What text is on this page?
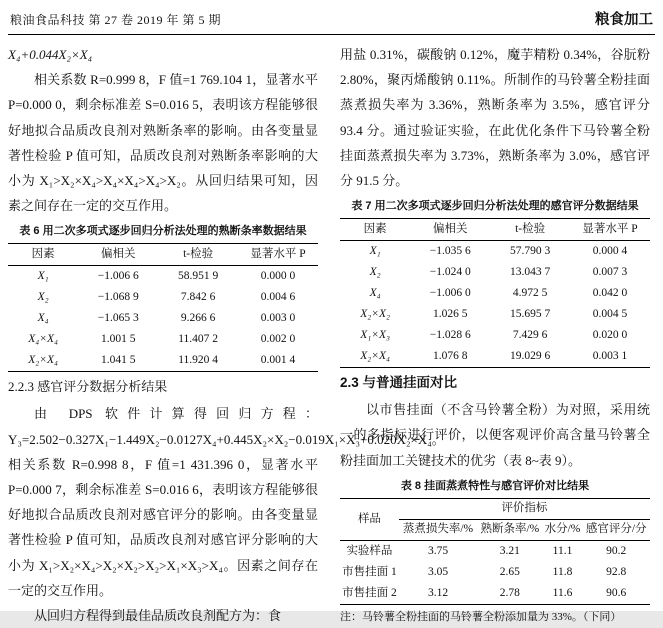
粮油食品科技 第 27 卷 2019 年 第 5 期	粮食加工

X₄+0.044X₂×X₄

相关系数 R=0.999 8，F 值=1 769.104 1，显著水平 P=0.000 0，剩余标准差 S=0.016 5，表明该方程能够很好地拟合品质改良剂对熟断条率的影响。由各变量显著性检验 P 值可知，品质改良剂对熟断条率影响的大小为 X₁>X₂×X₄>X₄×X₄>X₄>X₂。从回归结果可知，因素之间存在一定的交互作用。

表 6 用二次多项式逐步回归分析法处理的熟断条率数据结果
因素	偏相关	t-检验	显著水平 P
X₁	−1.006 6	58.951 9	0.000 0
X₂	−1.068 9	7.842 6	0.004 6
X₄	−1.065 3	9.266 6	0.003 0
X₄×X₄	1.001 5	11.407 2	0.002 0
X₂×X₄	1.041 5	11.920 4	0.001 4

2.2.3 感官评分数据分析结果

由 DPS 软件计算得回归方程：Y₃=2.502−0.327X₁−1.449X₂−0.0127X₄+0.445X₂×X₂−0.019X₁×X₃+0.020X₂×X₄。相关系数 R=0.998 8，F 值=1 431.396 0，显著水平 P=0.000 7，剩余标准差 S=0.016 6，表明该方程能够很好地拟合品质改良剂对感官评分的影响。由各变量显著性检验 P 值可知，品质改良剂对感官评分影响的大小为 X₁>X₂×X₄>X₂×X₂>X₂>X₁×X₃>X₄。因素之间存在一定的交互作用。

从回归方程得到最佳品质改良剂配方为：食

用盐 0.31%，碳酸钠 0.12%，魔芋精粉 0.34%，谷朊粉 2.80%，聚丙烯酸钠 0.11%。所制作的马铃薯全粉挂面蒸煮损失率为 3.36%，熟断条率为 3.5%，感官评分 93.4 分。通过验证实验，在此优化条件下马铃薯全粉挂面蒸煮损失率为 3.73%，熟断条率为 3.0%，感官评分 91.5 分。

表 7 用二次多项式逐步回归分析法处理的感官评分数据结果
因素	偏相关	t-检验	显著水平 P
X₁	−1.035 6	57.790 3	0.000 4
X₂	−1.024 0	13.043 7	0.007 3
X₄	−1.006 0	4.972 5	0.042 0
X₂×X₂	1.026 5	15.695 7	0.004 5
X₁×X₃	−1.028 6	7.429 6	0.020 0
X₂×X₄	1.076 8	19.029 6	0.003 1

2.3 与普通挂面对比

以市售挂面（不含马铃薯全粉）为对照，采用统一的多指标进行评价，以便客观评价高含量马铃薯全粉挂面加工关键技术的优劣（表 8~表 9）。

表 8 挂面蒸煮特性与感官评价对比结果
样品	评价指标			
	蒸煮损失率/%	熟断条率/%	水分/%	感官评分/分
实验样品	3.75	3.21	11.1	90.2
市售挂面 1	3.05	2.65	11.8	92.8
市售挂面 2	3.12	2.78	11.6	90.6

注：马铃薯全粉挂面的马铃薯全粉添加量为 33%。（下同）
